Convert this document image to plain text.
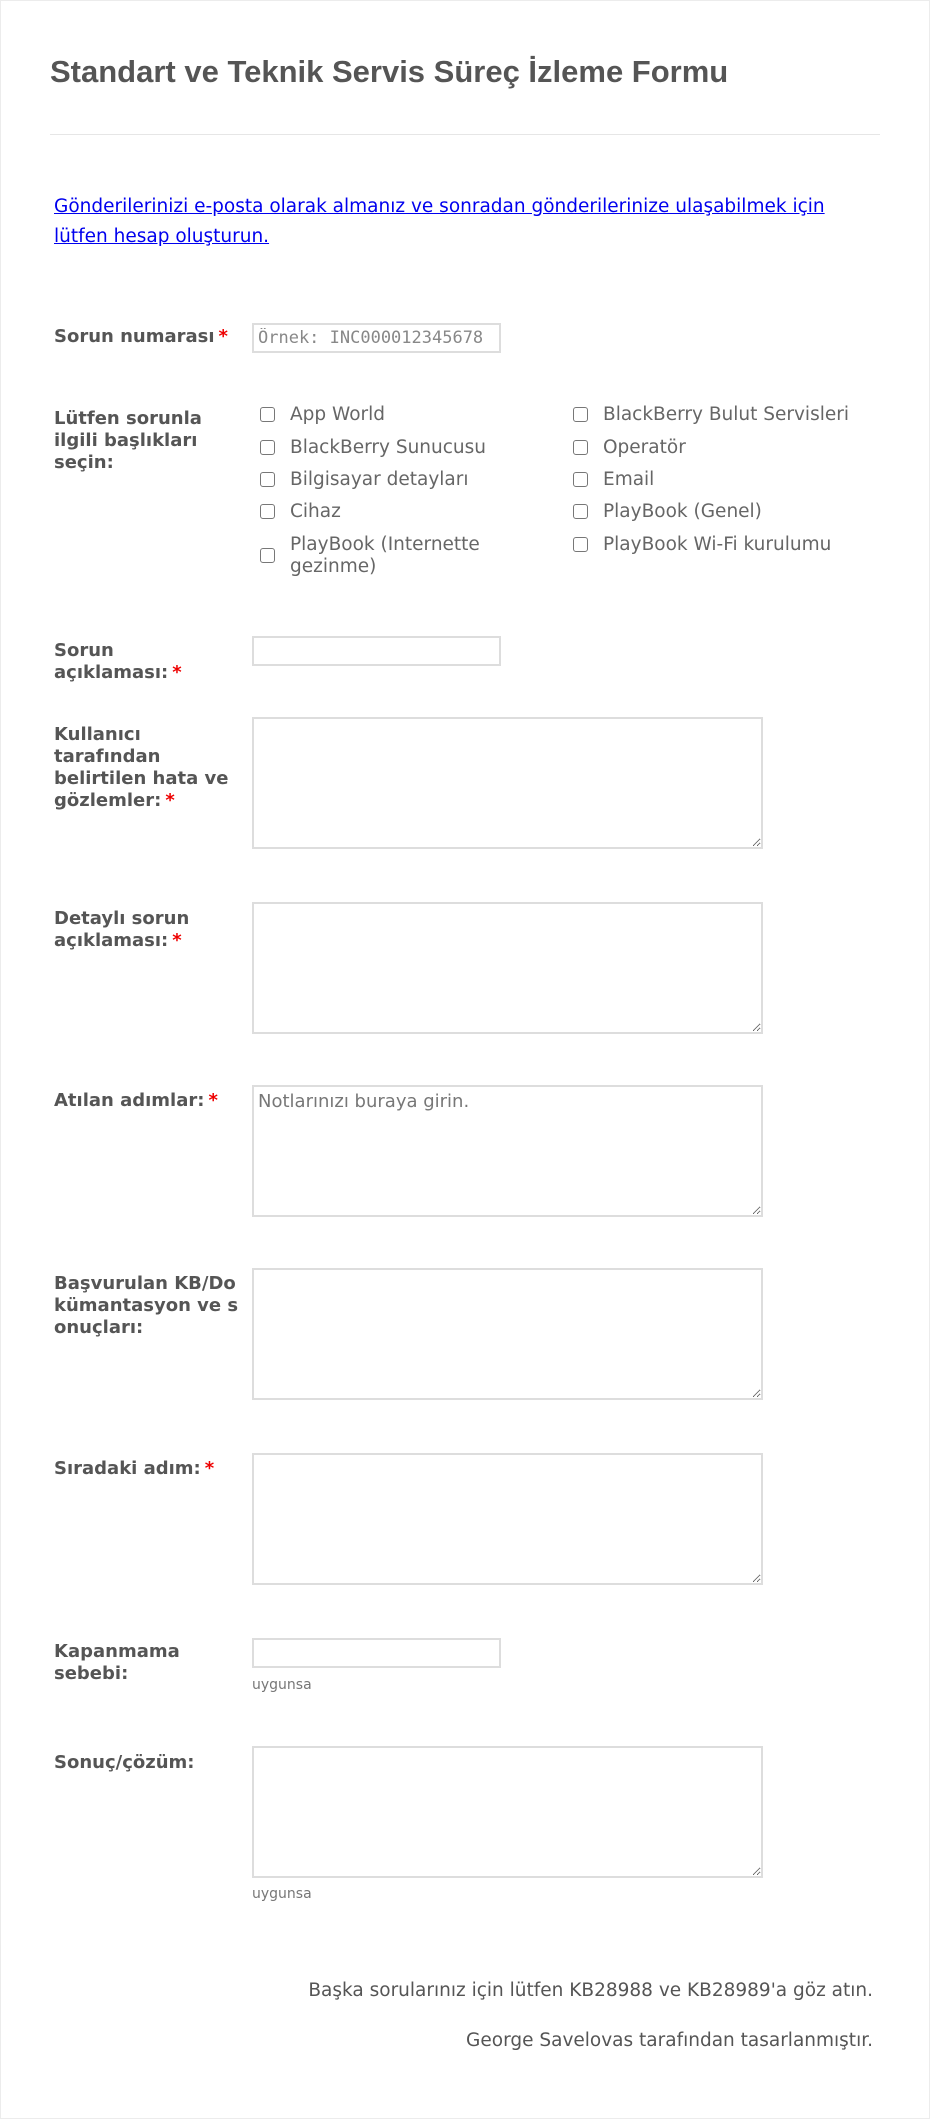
Standart ve Teknik Servis Süreç İzleme Formu
Gönderilerinizi e-posta olarak almanız ve sonradan gönderilerinize ulaşabilmek için lütfen hesap oluşturun.
Sorun numarası *
Örnek: INC000012345678
Lütfen sorunla ilgili başlıkları seçin:
App World
BlackBerry Sunucusu
Bilgisayar detayları
Cihaz
PlayBook (Internette gezinme)
BlackBerry Bulut Servisleri
Operatör
Email
PlayBook (Genel)
PlayBook Wi-Fi kurulumu
Sorun açıklaması: *
Kullanıcı tarafından belirtilen hata ve gözlemler: *
Detaylı sorun açıklaması: *
Atılan adımlar: *
Notlarınızı buraya girin.
Başvurulan KB/Dokümantasyon ve sonuçları:
Sıradaki adım: *
Kapanmama sebebi:
uygunsa
Sonuç/çözüm:
uygunsa
Başka sorularınız için lütfen KB28988 ve KB28989'a göz atın.
George Savelovas tarafından tasarlanmıştır.
